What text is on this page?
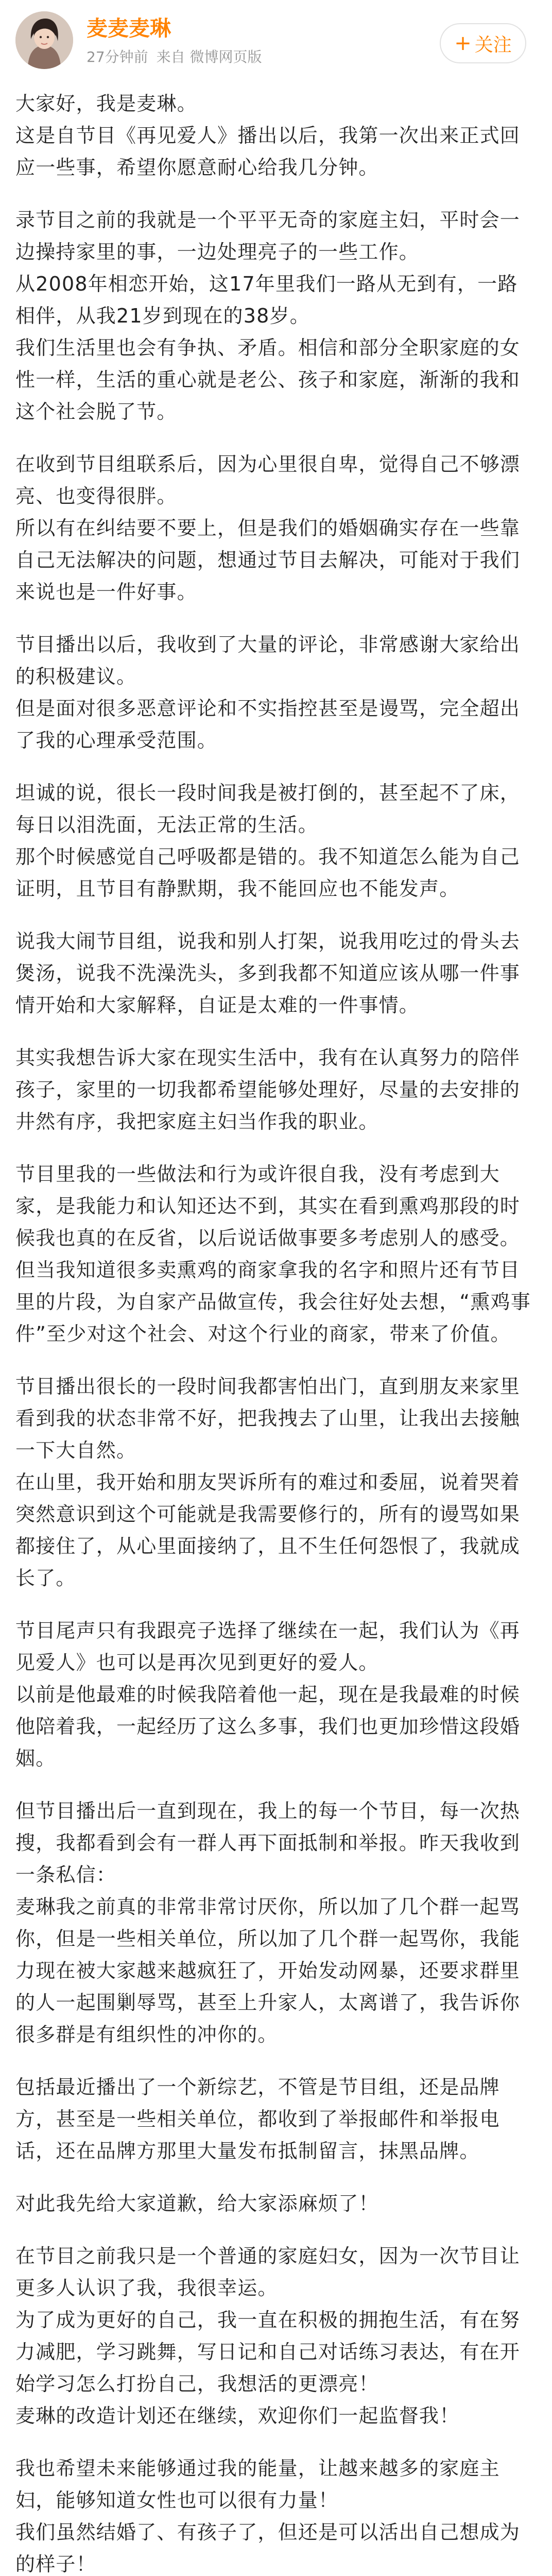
麦麦麦琳
27分钟前 来自 微博网页版
+ 关注

大家好，我是麦琳。

这是自节目《再见爱人》播出以后，我第一次出来正式回应一些事，希望你愿意耐心给我几分钟。

录节目之前的我就是一个平平无奇的家庭主妇，平时会一边操持家里的事，一边处理亮子的一些工作。

从2008年相恋开始，这17年里我们一路从无到有，一路相伴，从我21岁到现在的38岁。

我们生活里也会有争执、矛盾。相信和部分全职家庭的女性一样，生活的重心就是老公、孩子和家庭，渐渐的我和这个社会脱了节。

在收到节目组联系后，因为心里很自卑，觉得自己不够漂亮、也变得很胖。

所以有在纠结要不要上，但是我们的婚姻确实存在一些靠自己无法解决的问题，想通过节目去解决，可能对于我们来说也是一件好事。

节目播出以后，我收到了大量的评论，非常感谢大家给出的积极建议。

但是面对很多恶意评论和不实指控甚至是谩骂，完全超出了我的心理承受范围。

坦诚的说，很长一段时间我是被打倒的，甚至起不了床，每日以泪洗面，无法正常的生活。

那个时候感觉自己呼吸都是错的。我不知道怎么能为自己证明，且节目有静默期，我不能回应也不能发声。

说我大闹节目组，说我和别人打架，说我用吃过的骨头去煲汤，说我不洗澡洗头，多到我都不知道应该从哪一件事情开始和大家解释，自证是太难的一件事情。

其实我想告诉大家在现实生活中，我有在认真努力的陪伴孩子，家里的一切我都希望能够处理好，尽量的去安排的井然有序，我把家庭主妇当作我的职业。

节目里我的一些做法和行为或许很自我，没有考虑到大家，是我能力和认知还达不到，其实在看到熏鸡那段的时候我也真的在反省，以后说话做事要多考虑别人的感受。

但当我知道很多卖熏鸡的商家拿我的名字和照片还有节目里的片段，为自家产品做宣传，我会往好处去想，“熏鸡事件”至少对这个社会、对这个行业的商家，带来了价值。

节目播出很长的一段时间我都害怕出门，直到朋友来家里看到我的状态非常不好，把我拽去了山里，让我出去接触一下大自然。

在山里，我开始和朋友哭诉所有的难过和委屈，说着哭着突然意识到这个可能就是我需要修行的，所有的谩骂如果都接住了，从心里面接纳了，且不生任何怨恨了，我就成长了。

节目尾声只有我跟亮子选择了继续在一起，我们认为《再见爱人》也可以是再次见到更好的爱人。

以前是他最难的时候我陪着他一起，现在是我最难的时候他陪着我，一起经历了这么多事，我们也更加珍惜这段婚姻。

但节目播出后一直到现在，我上的每一个节目，每一次热搜，我都看到会有一群人再下面抵制和举报。昨天我收到一条私信：

麦琳我之前真的非常非常讨厌你，所以加了几个群一起骂你，但是一些相关单位，所以加了几个群一起骂你，我能力现在被大家越来越疯狂了，开始发动网暴，还要求群里的人一起围剿辱骂，甚至上升家人，太离谱了，我告诉你很多群是有组织性的冲你的。

包括最近播出了一个新综艺，不管是节目组，还是品牌方，甚至是一些相关单位，都收到了举报邮件和举报电话，还在品牌方那里大量发布抵制留言，抹黑品牌。

对此我先给大家道歉，给大家添麻烦了！

在节目之前我只是一个普通的家庭妇女，因为一次节目让更多人认识了我，我很幸运。

为了成为更好的自己，我一直在积极的拥抱生活，有在努力减肥，学习跳舞，写日记和自己对话练习表达，有在开始学习怎么打扮自己，我想活的更漂亮！

麦琳的改造计划还在继续，欢迎你们一起监督我！

我也希望未来能够通过我的能量，让越来越多的家庭主妇，能够知道女性也可以很有力量！

我们虽然结婚了、有孩子了，但还是可以活出自己想成为的样子！
